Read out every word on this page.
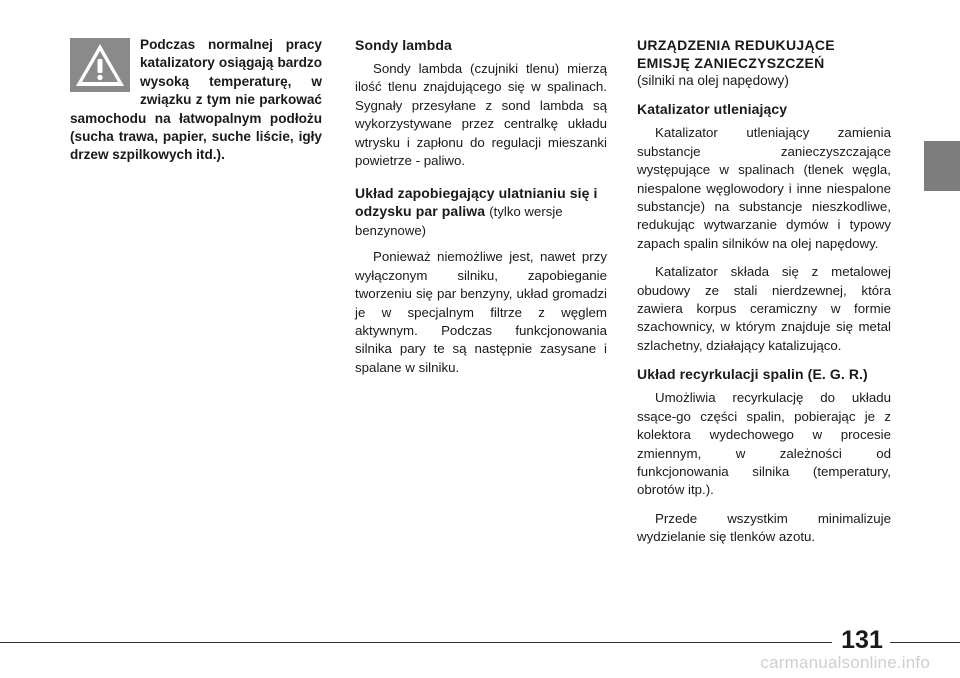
Podczas normalnej pracy katalizatory osiągają bardzo wysoką temperaturę, w związku z tym nie parkować samochodu na łatwopalnym podłożu (sucha trawa, papier, suche liście, igły drzew szpilkowych itd.).
Sondy lambda

Sondy lambda (czujniki tlenu) mierzą ilość tlenu znajdującego się w spalinach. Sygnały przesyłane z sond lambda są wykorzystywane przez centralkę układu wtrysku i zapłonu do regulacji mieszanki powietrze - paliwo.

Układ zapobiegający ulatnianiu się i odzysku par paliwa (tylko wersje benzynowe)

Ponieważ niemożliwe jest, nawet przy wyłączonym silniku, zapobieganie tworzeniu się par benzyny, układ gromadzi je w specjalnym filtrze z węglem aktywnym. Podczas funkcjonowania silnika pary te są następnie zasysane i spalane w silniku.

URZĄDZENIA REDUKUJĄCE EMISJĘ ZANIECZYSZCZEŃ
(silniki na olej napędowy)
Katalizator utleniający

Katalizator utleniający zamienia substancje zanieczyszczające występujące w spalinach (tlenek węgla, niespalone węglowodory i inne niespalone substancje) na substancje nieszkodliwe, redukując wytwarzanie dymów i typowy zapach spalin silników na olej napędowy.

Katalizator składa się z metalowej obudowy ze stali nierdzewnej, która zawiera korpus ceramiczny w formie szachownicy, w którym znajduje się metal szlachetny, działający katalizująco.

Układ recyrkulacji spalin (E. G. R.)

Umożliwia recyrkulację do układu ssące-go części spalin, pobierając je z kolektora wydechowego w procesie zmiennym, w zależności od funkcjonowania silnika (temperatury, obrotów itp.).

Przede wszystkim minimalizuje wydzielanie się tlenków azotu.

131
carmanualsonline.info
